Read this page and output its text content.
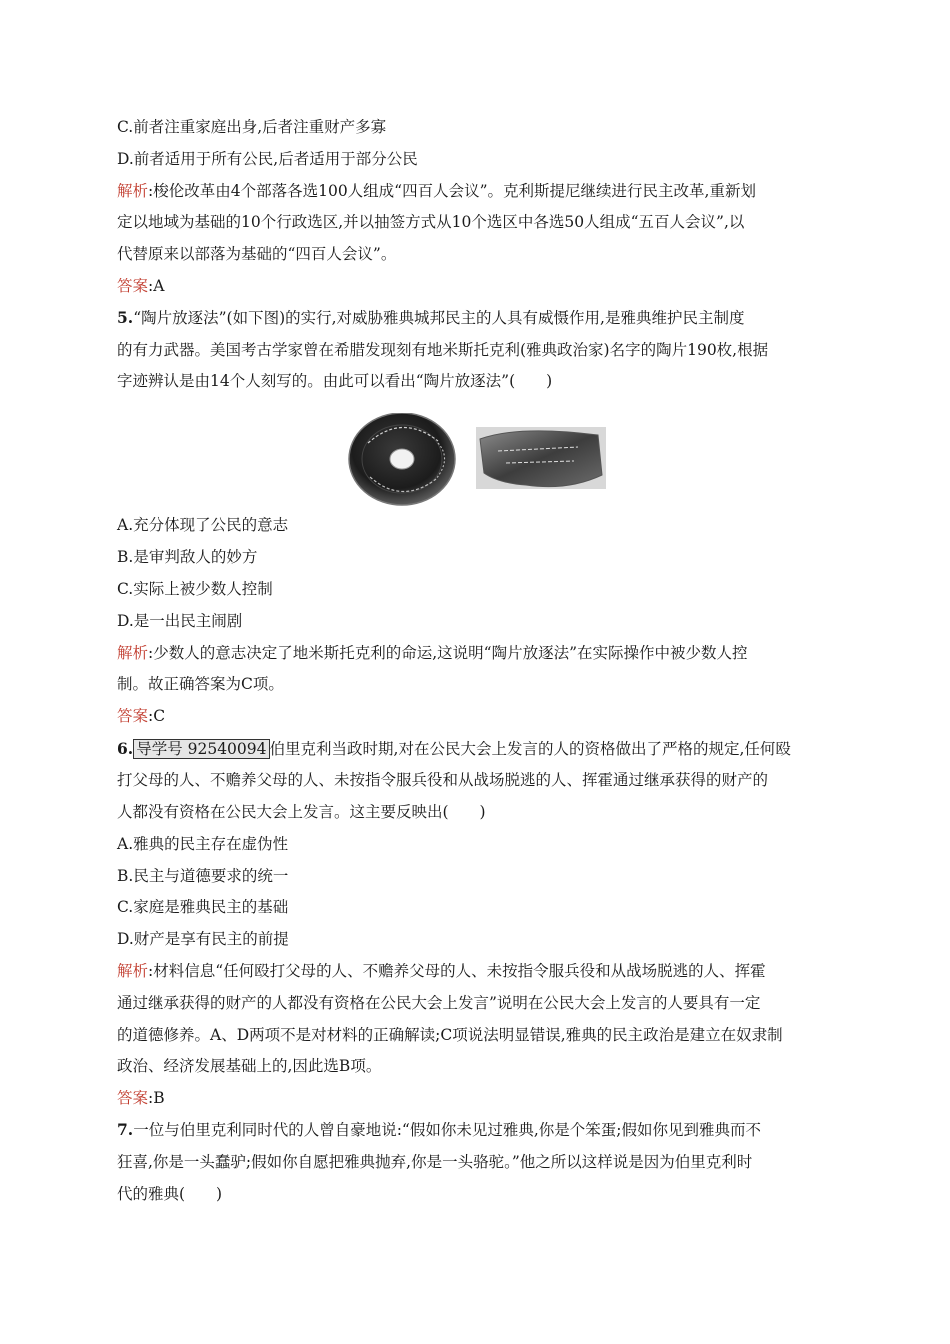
C.前者注重家庭出身,后者注重财产多寡
D.前者适用于所有公民,后者适用于部分公民
解析:梭伦改革由4个部落各选100人组成“四百人会议”。克利斯提尼继续进行民主改革,重新划
定以地域为基础的10个行政选区,并以抽签方式从10个选区中各选50人组成“五百人会议”,以
代替原来以部落为基础的“四百人会议”。
答案:A
5.“陶片放逐法”(如下图)的实行,对威胁雅典城邦民主的人具有威慑作用,是雅典维护民主制度
的有力武器。美国考古学家曾在希腊发现刻有地米斯托克利(雅典政治家)名字的陶片190枚,根据
字迹辨认是由14个人刻写的。由此可以看出“陶片放逐法”(　　)
A.充分体现了公民的意志
B.是审判敌人的妙方
C.实际上被少数人控制
D.是一出民主闹剧
解析:少数人的意志决定了地米斯托克利的命运,这说明“陶片放逐法”在实际操作中被少数人控
制。故正确答案为C项。
答案:C
6. 导学号 92540094 伯里克利当政时期,对在公民大会上发言的人的资格做出了严格的规定,任何殴
打父母的人、不赡养父母的人、未按指令服兵役和从战场脱逃的人、挥霍通过继承获得的财产的
人都没有资格在公民大会上发言。这主要反映出(　　)
A.雅典的民主存在虚伪性
B.民主与道德要求的统一
C.家庭是雅典民主的基础
D.财产是享有民主的前提
解析:材料信息“任何殴打父母的人、不赡养父母的人、未按指令服兵役和从战场脱逃的人、挥霍
通过继承获得的财产的人都没有资格在公民大会上发言”说明在公民大会上发言的人要具有一定
的道德修养。A、D两项不是对材料的正确解读;C项说法明显错误,雅典的民主政治是建立在奴隶制
政治、经济发展基础上的,因此选B项。
答案:B
7.一位与伯里克利同时代的人曾自豪地说:“假如你未见过雅典,你是个笨蛋;假如你见到雅典而不
狂喜,你是一头蠢驴;假如你自愿把雅典抛弃,你是一头骆驼。”他之所以这样说是因为伯里克利时
代的雅典(　　)
